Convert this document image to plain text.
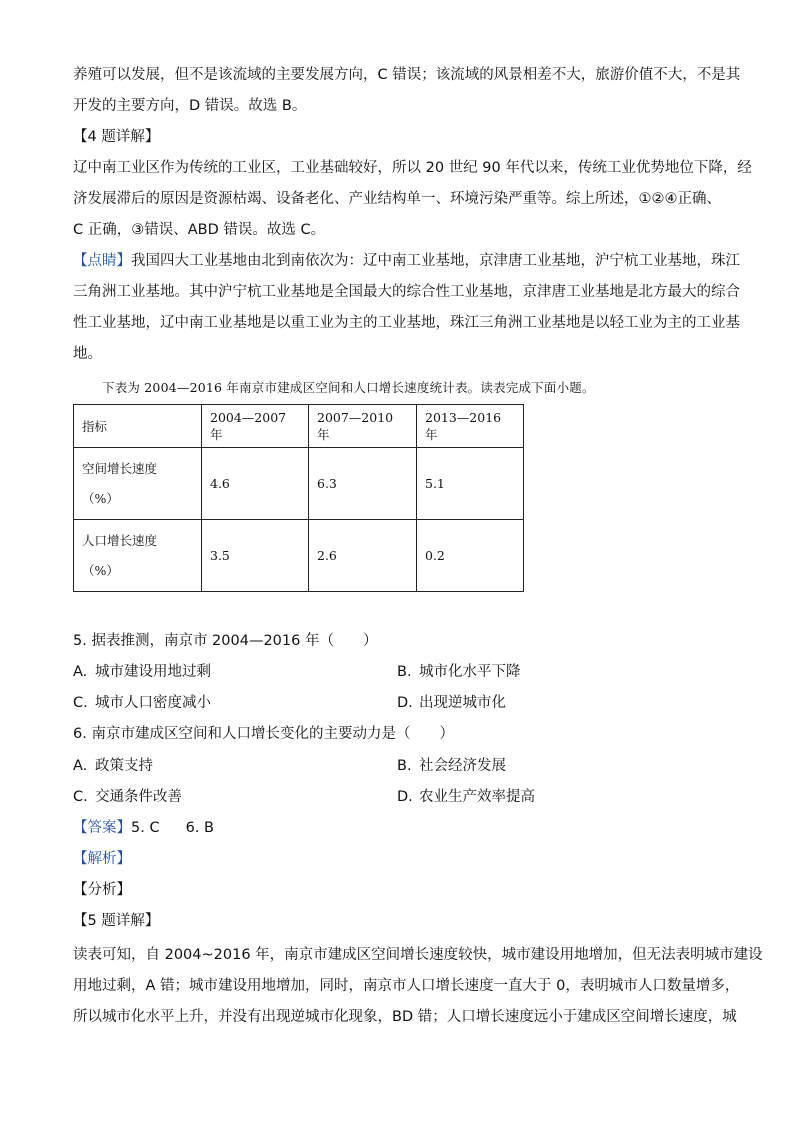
养殖可以发展，但不是该流域的主要发展方向，C 错误；该流域的风景相差不大，旅游价值不大，不是其
开发的主要方向，D 错误。故选 B。

【4 题详解】

辽中南工业区作为传统的工业区，工业基础较好，所以 20 世纪 90 年代以来，传统工业优势地位下降，经
济发展滞后的原因是资源枯竭、设备老化、产业结构单一、环境污染严重等。综上所述，①②④正确、
C 正确，③错误、ABD 错误。故选 C。

【点睛】我国四大工业基地由北到南依次为：辽中南工业基地，京津唐工业基地，沪宁杭工业基地，珠江
三角洲工业基地。其中沪宁杭工业基地是全国最大的综合性工业基地，京津唐工业基地是北方最大的综合
性工业基地，辽中南工业基地是以重工业为主的工业基地，珠江三角洲工业基地是以轻工业为主的工业基
地。

下表为 2004—2016 年南京市建成区空间和人口增长速度统计表。读表完成下面小题。
指标	2004—2007 年	2007—2010 年	2013—2016 年

空间增长速度
（%）	4.6	6.3	5.1

人口增长速度
（%）	3.5	2.6	0.2
5. 据表推测，南京市 2004—2016 年（　　）
A. 城市建设用地过剩	B. 城市化水平下降
C. 城市人口密度减小	D. 出现逆城市化
6. 南京市建成区空间和人口增长变化的主要动力是（　　）
A. 政策支持	B. 社会经济发展
C. 交通条件改善	D. 农业生产效率提高
【答案】5. C 6. B
【解析】
【分析】
【5 题详解】

读表可知，自 2004~2016 年，南京市建成区空间增长速度较快，城市建设用地增加，但无法表明城市建设
用地过剩，A 错；城市建设用地增加，同时，南京市人口增长速度一直大于 0，表明城市人口数量增多，
所以城市化水平上升，并没有出现逆城市化现象，BD 错；人口增长速度远小于建成区空间增长速度，城
